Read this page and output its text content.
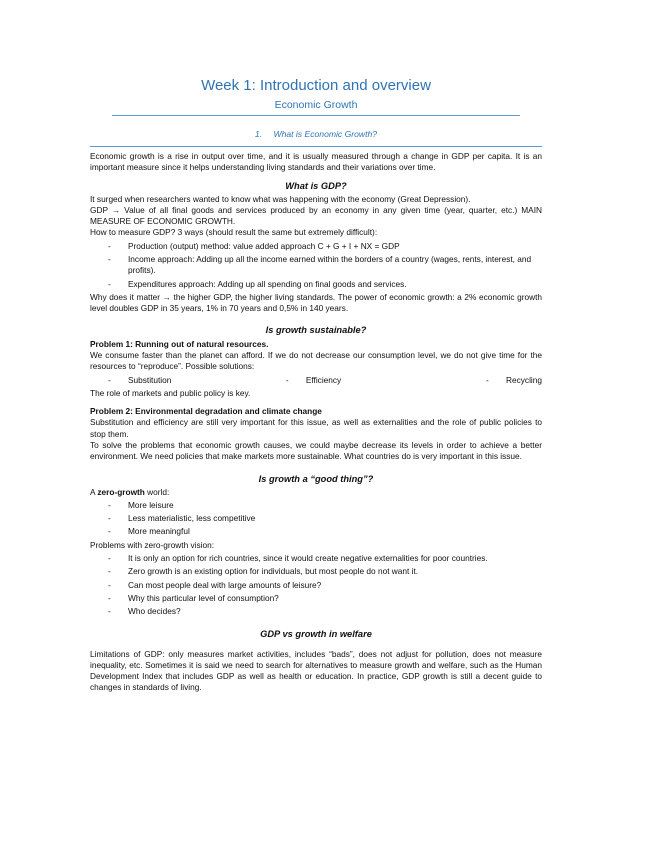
Week 1: Introduction and overview
Economic Growth
1. What is Economic Growth?

Economic growth is a rise in output over time, and it is usually measured through a change in GDP per capita. It is an important measure since it helps understanding living standards and their variations over time.

What is GDP?

It surged when researchers wanted to know what was happening with the economy (Great Depression).

GDP → Value of all final goods and services produced by an economy in any given time (year, quarter, etc.) MAIN MEASURE OF ECONOMIC GROWTH.

How to measure GDP? 3 ways (should result the same but extremely difficult):

- Production (output) method: value added approach C + G + I + NX = GDP
- Income approach: Adding up all the income earned within the borders of a country (wages, rents, interest, and profits).
- Expenditures approach: Adding up all spending on final goods and services.

Why does it matter → the higher GDP, the higher living standards. The power of economic growth: a 2% economic growth level doubles GDP in 35 years, 1% in 70 years and 0,5% in 140 years.

Is growth sustainable?
Problem 1: Running out of natural resources.

We consume faster than the planet can afford. If we do not decrease our consumption level, we do not give time for the resources to “reproduce”. Possible solutions:

- Substitution	- Efficiency	- Recycling

The role of markets and public policy is key.

Problem 2: Environmental degradation and climate change

Substitution and efficiency are still very important for this issue, as well as externalities and the role of public policies to stop them.

To solve the problems that economic growth causes, we could maybe decrease its levels in order to achieve a better environment. We need policies that make markets more sustainable. What countries do is very important in this issue.

Is growth a “good thing”?

A zero-growth world:

- More leisure
- Less materialistic, less competitive
- More meaningful

Problems with zero-growth vision:

- It is only an option for rich countries, since it would create negative externalities for poor countries.
- Zero growth is an existing option for individuals, but most people do not want it.
- Can most people deal with large amounts of leisure?
- Why this particular level of consumption?
- Who decides?
GDP vs growth in welfare

Limitations of GDP: only measures market activities, includes “bads”, does not adjust for pollution, does not measure inequality, etc. Sometimes it is said we need to search for alternatives to measure growth and welfare, such as the Human Development Index that includes GDP as well as health or education. In practice, GDP growth is still a decent guide to changes in standards of living.
